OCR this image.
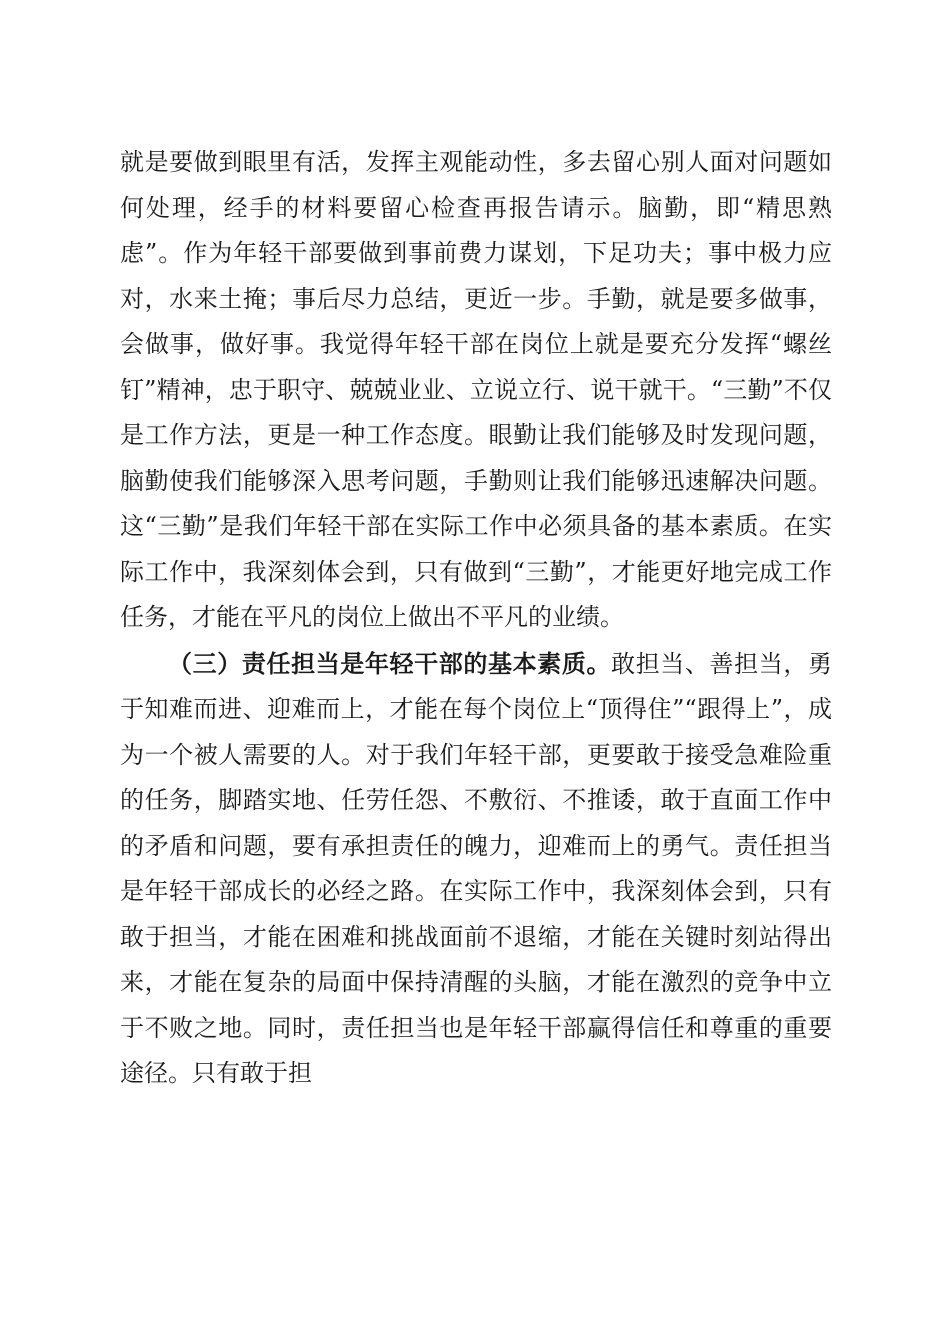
就是要做到眼里有活，发挥主观能动性，多去留心别人面对问题如何处理，经手的材料要留心检查再报告请示。脑勤，即“精思熟虑”。作为年轻干部要做到事前费力谋划，下足功夫；事中极力应对，水来土掩；事后尽力总结，更近一步。手勤，就是要多做事，会做事，做好事。我觉得年轻干部在岗位上就是要充分发挥“螺丝钉”精神，忠于职守、兢兢业业、立说立行、说干就干。“三勤”不仅是工作方法，更是一种工作态度。眼勤让我们能够及时发现问题，脑勤使我们能够深入思考问题，手勤则让我们能够迅速解决问题。这“三勤”是我们年轻干部在实际工作中必须具备的基本素质。在实际工作中，我深刻体会到，只有做到“三勤”，才能更好地完成工作任务，才能在平凡的岗位上做出不平凡的业绩。

（三）责任担当是年轻干部的基本素质。敢担当、善担当，勇于知难而进、迎难而上，才能在每个岗位上“顶得住”“跟得上”，成为一个被人需要的人。对于我们年轻干部，更要敢于接受急难险重的任务，脚踏实地、任劳任怨、不敷衍、不推诿，敢于直面工作中的矛盾和问题，要有承担责任的魄力，迎难而上的勇气。责任担当是年轻干部成长的必经之路。在实际工作中，我深刻体会到，只有敢于担当，才能在困难和挑战面前不退缩，才能在关键时刻站得出来，才能在复杂的局面中保持清醒的头脑，才能在激烈的竞争中立于不败之地。同时，责任担当也是年轻干部赢得信任和尊重的重要途径。只有敢于担
